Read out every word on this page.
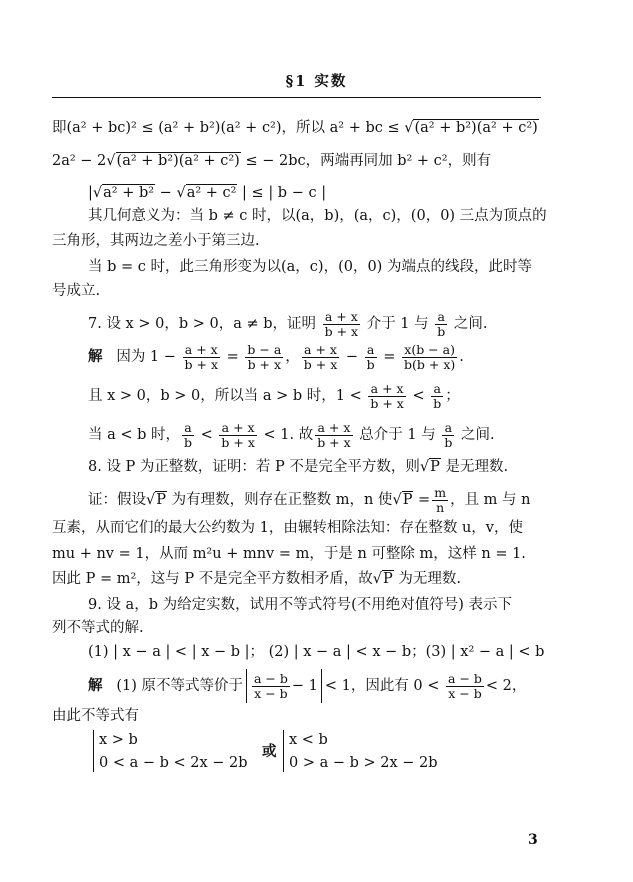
§1 实数
即(a² + bc)² ≤ (a² + b²)(a² + c²)，所以 a² + bc ≤ √(a² + b²)(a² + c²)
2a² − 2√(a² + b²)(a² + c²) ≤ − 2bc，两端再同加 b² + c²，则有
|√a² + b² − √a² + c² | ≤ | b − c |
其几何意义为：当 b ≠ c 时，以(a，b)，(a，c)，(0，0) 三点为顶点的
三角形，其两边之差小于第三边.
当 b = c 时，此三角形变为以(a，c)，(0，0) 为端点的线段，此时等
号成立.
7. 设 x > 0，b > 0，a ≠ b，证明 $\frac{a + x}{b + x}$ 介于 1 与 $\frac{a}{b}$ 之间.
解 因为 $1 - \frac{a + x}{b + x} = \frac{b - a}{b + x}$ ， $\frac{a + x}{b + x} - \frac{a}{b} = \frac{x(b - a)}{b(b + x)}$ .
且 x > 0，b > 0，所以当 a > b 时，$1 < \frac{a + x}{b + x} < \frac{a}{b}$ ；
当 a < b 时， $\frac{a}{b} < \frac{a + x}{b + x} < 1$. 故 $\frac{a + x}{b + x}$ 总介于 1 与 $\frac{a}{b}$ 之间.
8. 设 P 为正整数，证明：若 P 不是完全平方数，则√P 是无理数.
证：假设√P 为有理数，则存在正整数 m，n 使$√P = \frac{m}{n}$ ，且 m 与 n
互素，从而它们的最大公约数为 1，由辗转相除法知：存在整数 u，v，使
mu + nv = 1，从而 m²u + mnv = m，于是 n 可整除 m，这样 n = 1.
因此 P = m²，这与 P 不是完全平方数相矛盾，故√P 为无理数.
9. 设 a，b 为给定实数，试用不等式符号(不用绝对值符号) 表示下
列不等式的解.
(1) | x − a | < | x − b |； (2) | x − a | < x − b；(3) | x² − a | < b
解 (1) 原不等式等价于 $\frac{a - b}{x - b} - 1 < 1$，因此有 $0 < \frac{a - b}{x - b} < 2$，
由此不等式有
x > b
0 < a − b < 2x − 2b
或
x < b
0 > a − b > 2x − 2b
3
